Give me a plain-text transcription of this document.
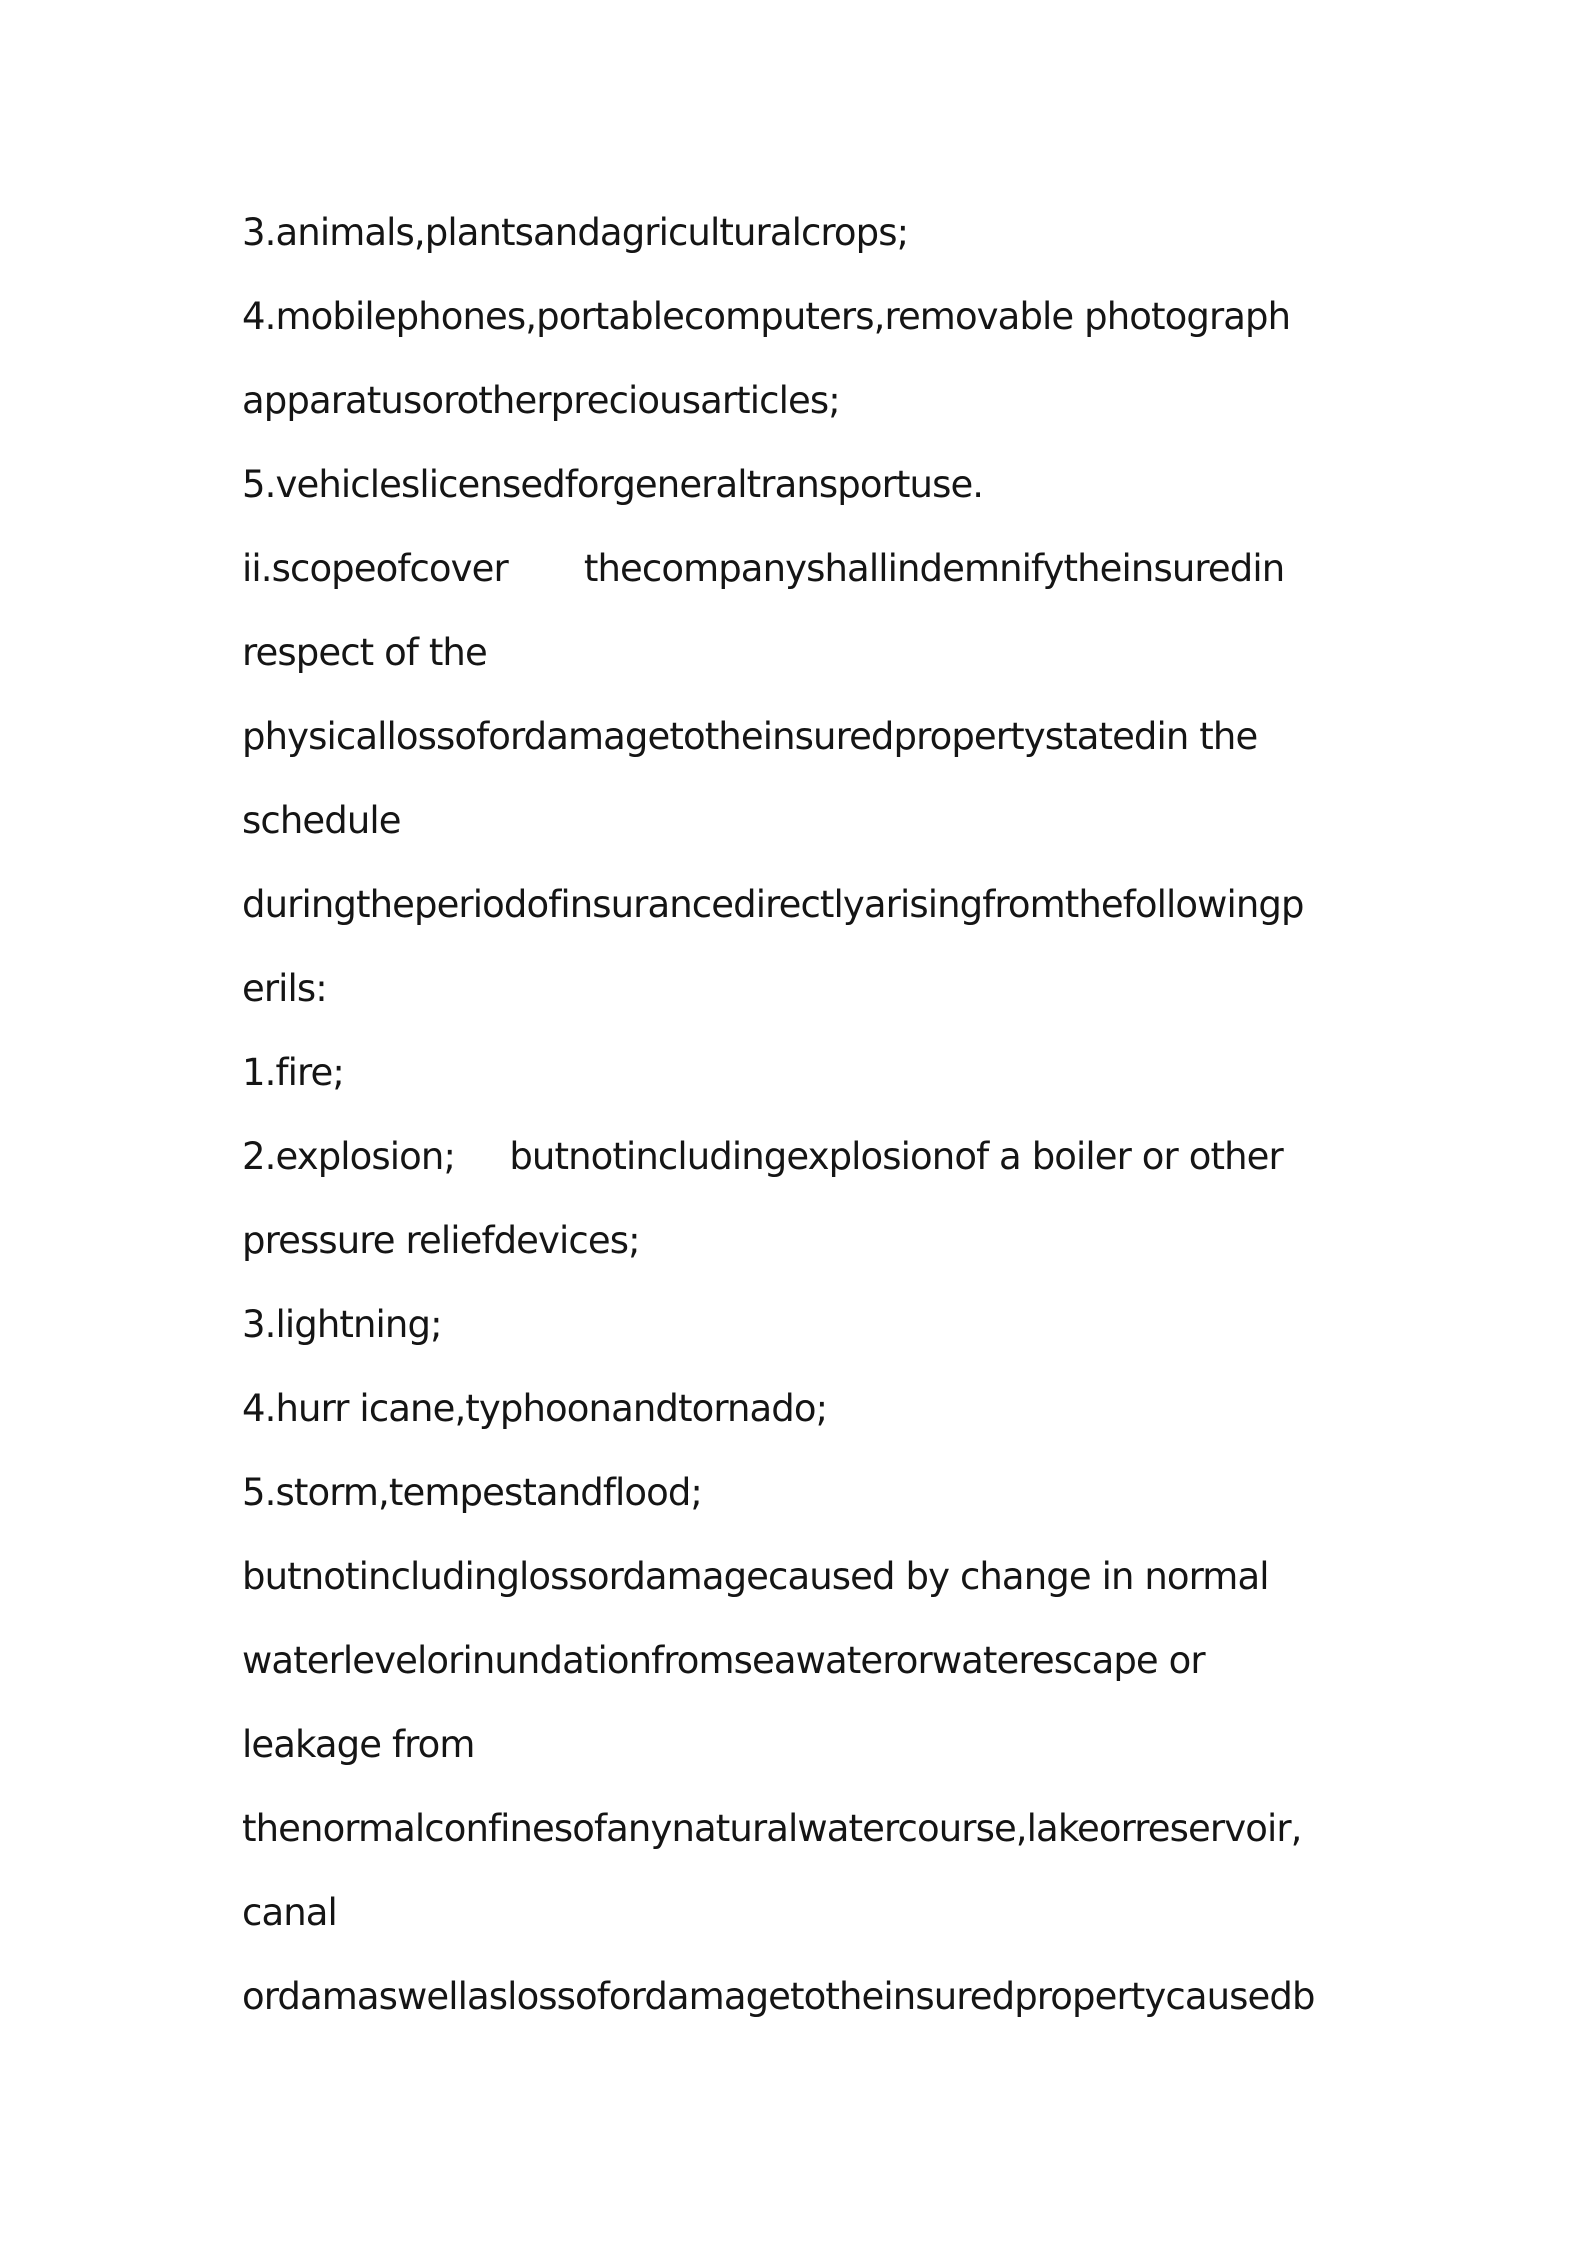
3.animals,plantsandagriculturalcrops;
4.mobilephones,portablecomputers,removable photograph
apparatusorotherpreciousarticles;
5.vehicleslicensedforgeneraltransportuse.
ii.scopeofcover       thecompanyshallindemnifytheinsuredin
respect of the
physicallossofordamagetotheinsuredpropertystatedin the
schedule
duringtheperiodofinsurancedirectlyarisingfromthefollowingp
erils:
1.fire;
2.explosion;     butnotincludingexplosionof a boiler or other
pressure reliefdevices;
3.lightning;
4.hurr icane,typhoonandtornado;
5.storm,tempestandflood;
butnotincludinglossordamagecaused by change in normal
waterlevelorinundationfromseawaterorwaterescape or
leakage from
thenormalconfinesofanynaturalwatercourse,lakeorreservoir,
canal
ordamaswellaslossofordamagetotheinsuredpropertycausedb
